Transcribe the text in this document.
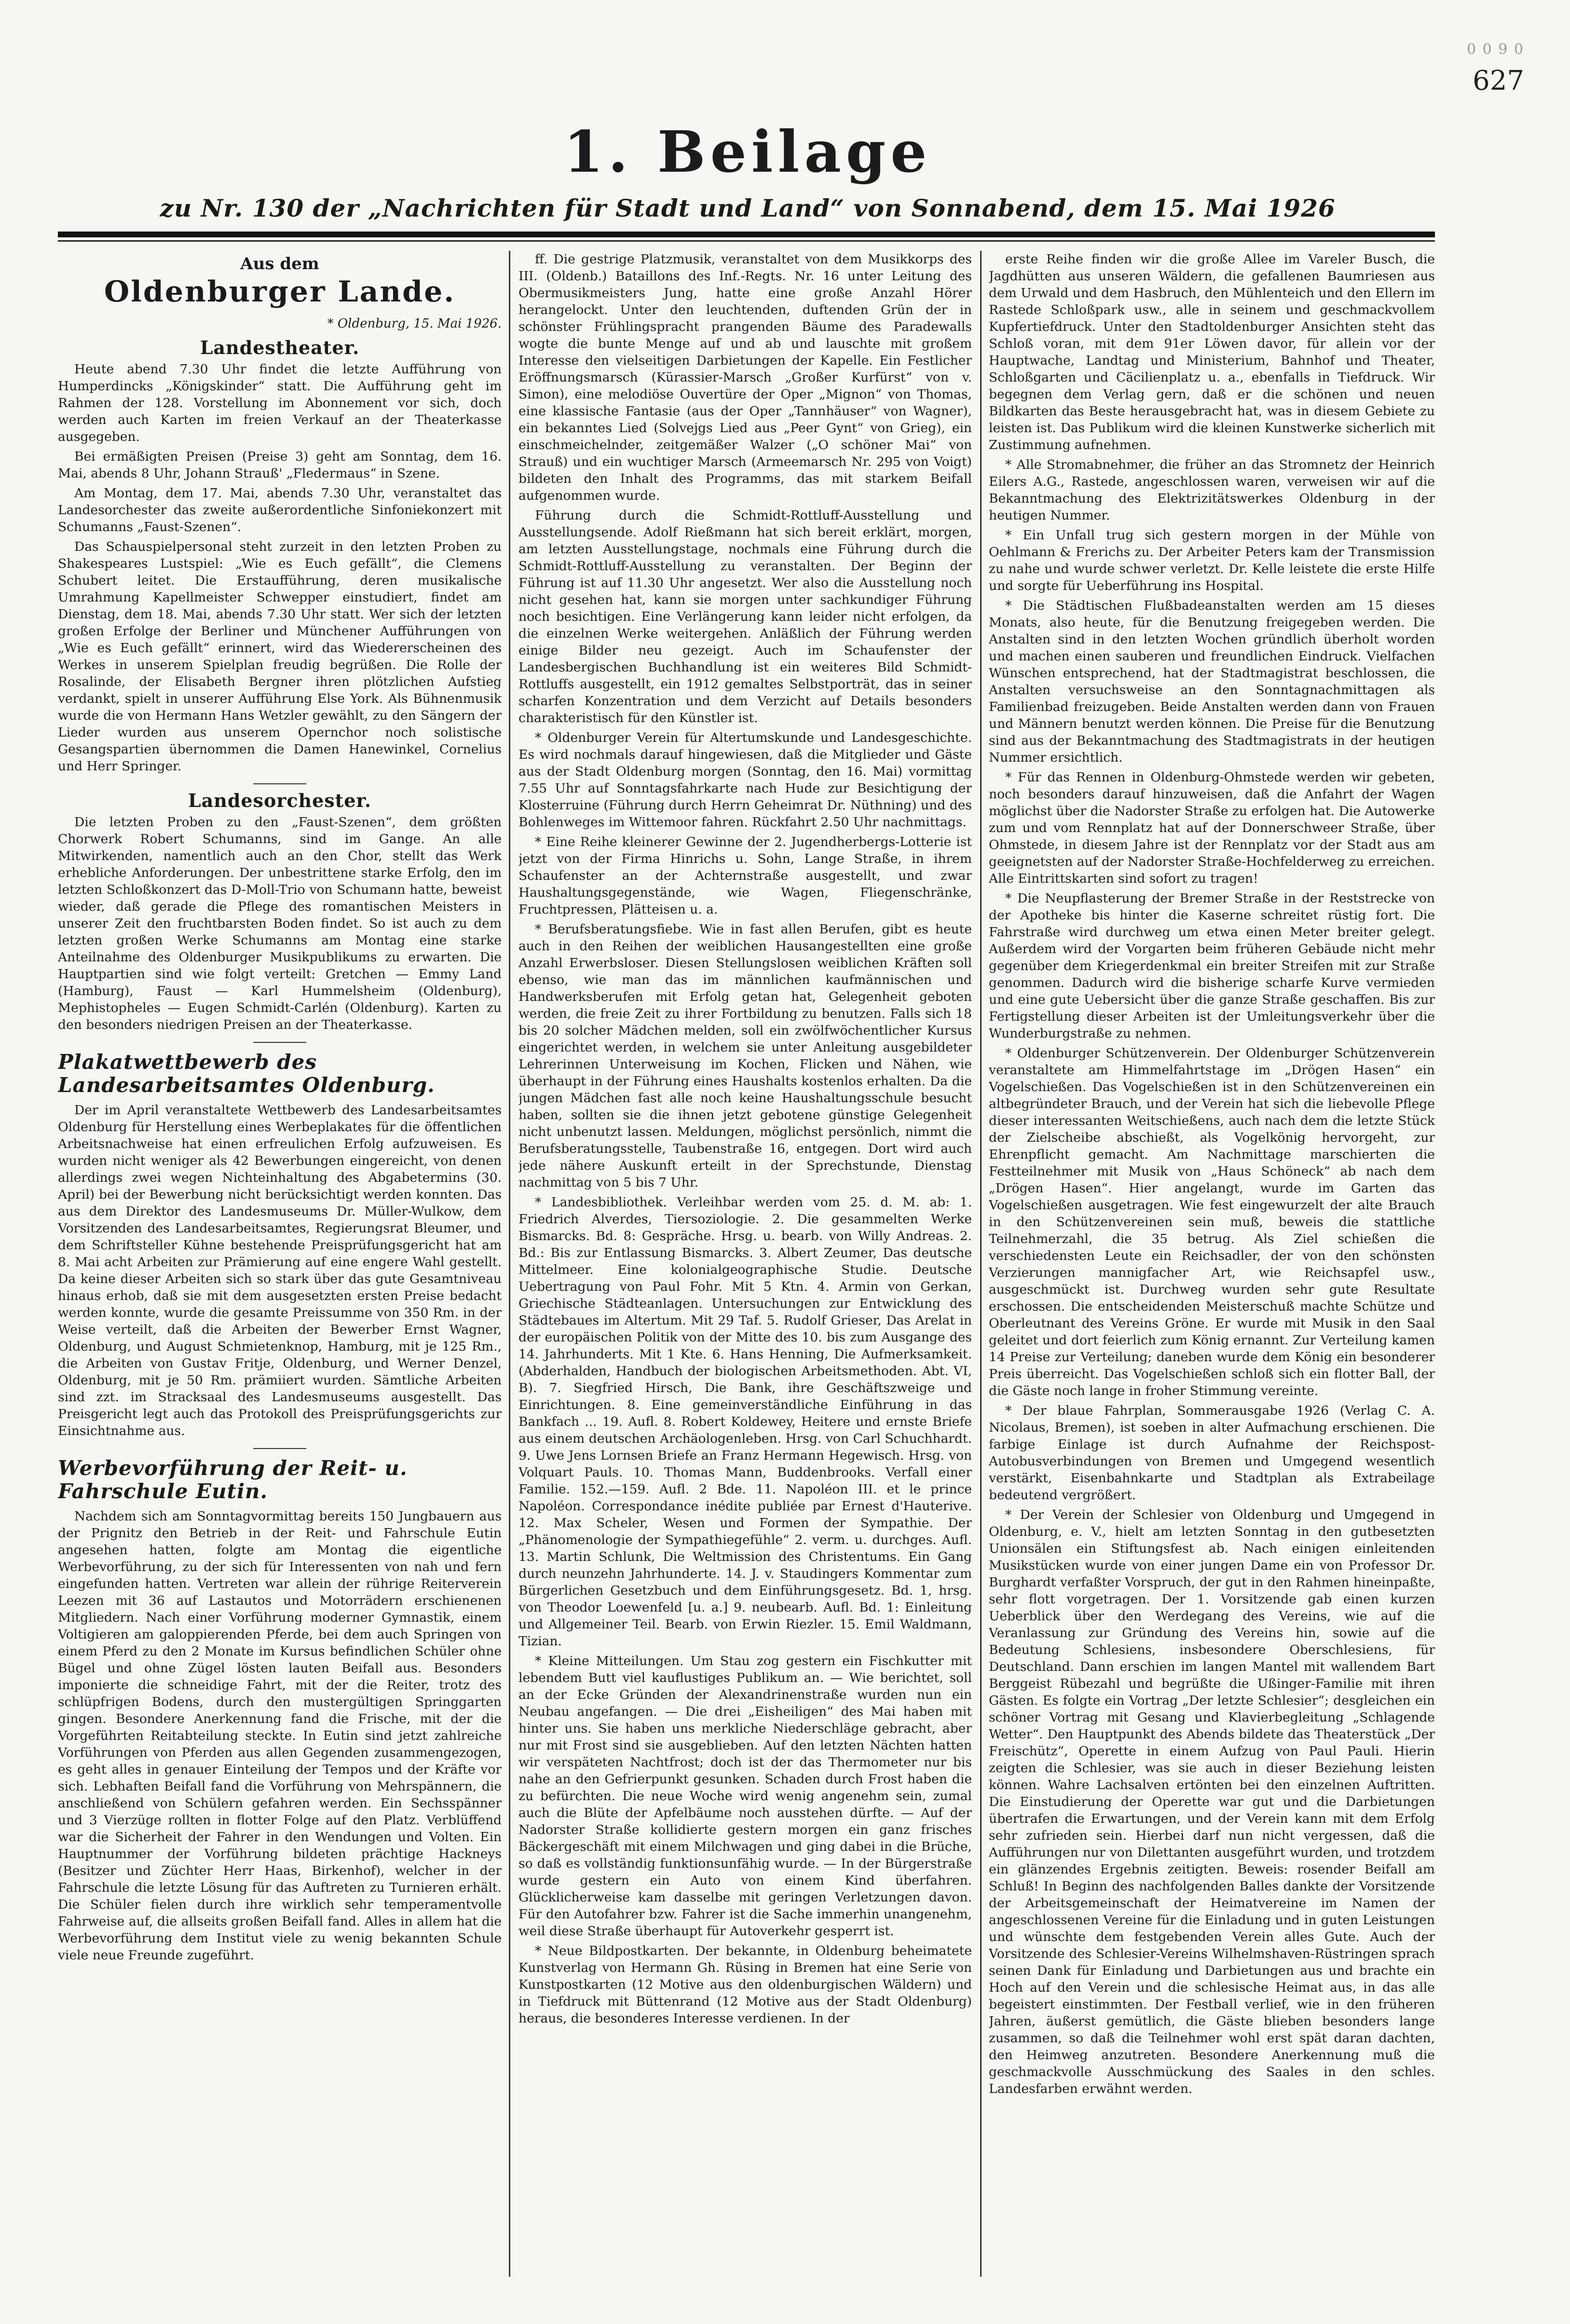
0 0 9 0
627
1. Beilage
zu Nr. 130 der „Nachrichten für Stadt und Land“ von Sonnabend, dem 15. Mai 1926
Aus dem
Oldenburger Lande.
* Oldenburg, 15. Mai 1926.
Landestheater.

Heute abend 7.30 Uhr findet die letzte Aufführung von Humperdincks „Königskinder“ statt. Die Aufführung geht im Rahmen der 128. Vorstellung im Abonnement vor sich, doch werden auch Karten im freien Verkauf an der Theaterkasse ausgegeben.

Bei ermäßigten Preisen (Preise 3) geht am Sonntag, dem 16. Mai, abends 8 Uhr, Johann Strauß' „Fledermaus“ in Szene.

Am Montag, dem 17. Mai, abends 7.30 Uhr, veranstaltet das Landesorchester das zweite außerordentliche Sinfoniekonzert mit Schumanns „Faust-Szenen“.

Das Schauspielpersonal steht zurzeit in den letzten Proben zu Shakespeares Lustspiel: „Wie es Euch gefällt“, die Clemens Schubert leitet. Die Erstaufführung, deren musikalische Umrahmung Kapellmeister Schwepper einstudiert, findet am Dienstag, dem 18. Mai, abends 7.30 Uhr statt. Wer sich der letzten großen Erfolge der Berliner und Münchener Aufführungen von „Wie es Euch gefällt“ erinnert, wird das Wiedererscheinen des Werkes in unserem Spielplan freudig begrüßen. Die Rolle der Rosalinde, der Elisabeth Bergner ihren plötzlichen Aufstieg verdankt, spielt in unserer Aufführung Else York. Als Bühnenmusik wurde die von Hermann Hans Wetzler gewählt, zu den Sängern der Lieder wurden aus unserem Opernchor noch solistische Gesangspartien übernommen die Damen Hanewinkel, Cornelius und Herr Springer.

Landesorchester.

Die letzten Proben zu den „Faust-Szenen“, dem größten Chorwerk Robert Schumanns, sind im Gange. An alle Mitwirkenden, namentlich auch an den Chor, stellt das Werk erhebliche Anforderungen. Der unbestrittene starke Erfolg, den im letzten Schloßkonzert das D-Moll-Trio von Schumann hatte, beweist wieder, daß gerade die Pflege des romantischen Meisters in unserer Zeit den fruchtbarsten Boden findet. So ist auch zu dem letzten großen Werke Schumanns am Montag eine starke Anteilnahme des Oldenburger Musikpublikums zu erwarten. Die Hauptpartien sind wie folgt verteilt: Gretchen — Emmy Land (Hamburg), Faust — Karl Hummelsheim (Oldenburg), Mephistopheles — Eugen Schmidt-Carlén (Oldenburg). Karten zu den besonders niedrigen Preisen an der Theaterkasse.

Plakatwettbewerb des Landesarbeitsamtes Oldenburg.

Der im April veranstaltete Wettbewerb des Landesarbeitsamtes Oldenburg für Herstellung eines Werbeplakates für die öffentlichen Arbeitsnachweise hat einen erfreulichen Erfolg aufzuweisen. Es wurden nicht weniger als 42 Bewerbungen eingereicht, von denen allerdings zwei wegen Nichteinhaltung des Abgabetermins (30. April) bei der Bewerbung nicht berücksichtigt werden konnten. Das aus dem Direktor des Landesmuseums Dr. Müller-Wulkow, dem Vorsitzenden des Landesarbeitsamtes, Regierungsrat Bleumer, und dem Schriftsteller Kühne bestehende Preisprüfungsgericht hat am 8. Mai acht Arbeiten zur Prämierung auf eine engere Wahl gestellt. Da keine dieser Arbeiten sich so stark über das gute Gesamtniveau hinaus erhob, daß sie mit dem ausgesetzten ersten Preise bedacht werden konnte, wurde die gesamte Preissumme von 350 Rm. in der Weise verteilt, daß die Arbeiten der Bewerber Ernst Wagner, Oldenburg, und August Schmietenknop, Hamburg, mit je 125 Rm., die Arbeiten von Gustav Fritje, Oldenburg, und Werner Denzel, Oldenburg, mit je 50 Rm. prämiiert wurden. Sämtliche Arbeiten sind zzt. im Stracksaal des Landesmuseums ausgestellt. Das Preisgericht legt auch das Protokoll des Preisprüfungsgerichts zur Einsichtnahme aus.

Werbevorführung der Reit- u. Fahrschule Eutin.

Nachdem sich am Sonntagvormittag bereits 150 Jungbauern aus der Prignitz den Betrieb in der Reit- und Fahrschule Eutin angesehen hatten, folgte am Montag die eigentliche Werbevorführung, zu der sich für Interessenten von nah und fern eingefunden hatten. Vertreten war allein der rührige Reiterverein Leezen mit 36 auf Lastautos und Motorrädern erschienenen Mitgliedern. Nach einer Vorführung moderner Gymnastik, einem Voltigieren am galoppierenden Pferde, bei dem auch Springen von einem Pferd zu den 2 Monate im Kursus befindlichen Schüler ohne Bügel und ohne Zügel lösten lauten Beifall aus. Besonders imponierte die schneidige Fahrt, mit der die Reiter, trotz des schlüpfrigen Bodens, durch den mustergültigen Springgarten gingen. Besondere Anerkennung fand die Frische, mit der die Vorgeführten Reitabteilung steckte. In Eutin sind jetzt zahlreiche Vorführungen von Pferden aus allen Gegenden zusammengezogen, es geht alles in genauer Einteilung der Tempos und der Kräfte vor sich. Lebhaften Beifall fand die Vorführung von Mehrspännern, die anschließend von Schülern gefahren werden. Ein Sechsspänner und 3 Vierzüge rollten in flotter Folge auf den Platz. Verblüffend war die Sicherheit der Fahrer in den Wendungen und Volten. Ein Hauptnummer der Vorführung bildeten prächtige Hackneys (Besitzer und Züchter Herr Haas, Birkenhof), welcher in der Fahrschule die letzte Lösung für das Auftreten zu Turnieren erhält. Die Schüler fielen durch ihre wirklich sehr temperamentvolle Fahrweise auf, die allseits großen Beifall fand. Alles in allem hat die Werbevorführung dem Institut viele zu wenig bekannten Schule viele neue Freunde zugeführt.

ff. Die gestrige Platzmusik, veranstaltet von dem Musikkorps des III. (Oldenb.) Bataillons des Inf.-Regts. Nr. 16 unter Leitung des Obermusikmeisters Jung, hatte eine große Anzahl Hörer herangelockt. Unter den leuchtenden, duftenden Grün der in schönster Frühlingspracht prangenden Bäume des Paradewalls wogte die bunte Menge auf und ab und lauschte mit großem Interesse den vielseitigen Darbietungen der Kapelle. Ein Festlicher Eröffnungsmarsch (Kürassier-Marsch „Großer Kurfürst“ von v. Simon), eine melodiöse Ouvertüre der Oper „Mignon“ von Thomas, eine klassische Fantasie (aus der Oper „Tannhäuser“ von Wagner), ein bekanntes Lied (Solvejgs Lied aus „Peer Gynt“ von Grieg), ein einschmeichelnder, zeitgemäßer Walzer („O schöner Mai“ von Strauß) und ein wuchtiger Marsch (Armeemarsch Nr. 295 von Voigt) bildeten den Inhalt des Programms, das mit starkem Beifall aufgenommen wurde.

Führung durch die Schmidt-Rottluff-Ausstellung und Ausstellungsende. Adolf Rießmann hat sich bereit erklärt, morgen, am letzten Ausstellungstage, nochmals eine Führung durch die Schmidt-Rottluff-Ausstellung zu veranstalten. Der Beginn der Führung ist auf 11.30 Uhr angesetzt. Wer also die Ausstellung noch nicht gesehen hat, kann sie morgen unter sachkundiger Führung noch besichtigen. Eine Verlängerung kann leider nicht erfolgen, da die einzelnen Werke weitergehen. Anläßlich der Führung werden einige Bilder neu gezeigt. Auch im Schaufenster der Landesbergischen Buchhandlung ist ein weiteres Bild Schmidt-Rottluffs ausgestellt, ein 1912 gemaltes Selbstporträt, das in seiner scharfen Konzentration und dem Verzicht auf Details besonders charakteristisch für den Künstler ist.

* Oldenburger Verein für Altertumskunde und Landesgeschichte. Es wird nochmals darauf hingewiesen, daß die Mitglieder und Gäste aus der Stadt Oldenburg morgen (Sonntag, den 16. Mai) vormittag 7.55 Uhr auf Sonntagsfahrkarte nach Hude zur Besichtigung der Klosterruine (Führung durch Herrn Geheimrat Dr. Nüthning) und des Bohlenweges im Wittemoor fahren. Rückfahrt 2.50 Uhr nachmittags.

* Eine Reihe kleinerer Gewinne der 2. Jugendherbergs-Lotterie ist jetzt von der Firma Hinrichs u. Sohn, Lange Straße, in ihrem Schaufenster an der Achternstraße ausgestellt, und zwar Haushaltungsgegenstände, wie Wagen, Fliegenschränke, Fruchtpressen, Plätteisen u. a.

* Berufsberatungsfiebe. Wie in fast allen Berufen, gibt es heute auch in den Reihen der weiblichen Hausangestellten eine große Anzahl Erwerbsloser. Diesen Stellungslosen weiblichen Kräften soll ebenso, wie man das im männlichen kaufmännischen und Handwerksberufen mit Erfolg getan hat, Gelegenheit geboten werden, die freie Zeit zu ihrer Fortbildung zu benutzen. Falls sich 18 bis 20 solcher Mädchen melden, soll ein zwölfwöchentlicher Kursus eingerichtet werden, in welchem sie unter Anleitung ausgebildeter Lehrerinnen Unterweisung im Kochen, Flicken und Nähen, wie überhaupt in der Führung eines Haushalts kostenlos erhalten. Da die jungen Mädchen fast alle noch keine Haushaltungsschule besucht haben, sollten sie die ihnen jetzt gebotene günstige Gelegenheit nicht unbenutzt lassen. Meldungen, möglichst persönlich, nimmt die Berufsberatungsstelle, Taubenstraße 16, entgegen. Dort wird auch jede nähere Auskunft erteilt in der Sprechstunde, Dienstag nachmittag von 5 bis 7 Uhr.

* Landesbibliothek. Verleihbar werden vom 25. d. M. ab: 1. Friedrich Alverdes, Tiersoziologie. 2. Die gesammelten Werke Bismarcks. Bd. 8: Gespräche. Hrsg. u. bearb. von Willy Andreas. 2. Bd.: Bis zur Entlassung Bismarcks. 3. Albert Zeumer, Das deutsche Mittelmeer. Eine kolonialgeographische Studie. Deutsche Uebertragung von Paul Fohr. Mit 5 Ktn. 4. Armin von Gerkan, Griechische Städteanlagen. Untersuchungen zur Entwicklung des Städtebaues im Altertum. Mit 29 Taf. 5. Rudolf Grieser, Das Arelat in der europäischen Politik von der Mitte des 10. bis zum Ausgange des 14. Jahrhunderts. Mit 1 Kte. 6. Hans Henning, Die Aufmerksamkeit. (Abderhalden, Handbuch der biologischen Arbeitsmethoden. Abt. VI, B). 7. Siegfried Hirsch, Die Bank, ihre Geschäftszweige und Einrichtungen. 8. Eine gemeinverständliche Einführung in das Bankfach ... 19. Aufl. 8. Robert Koldewey, Heitere und ernste Briefe aus einem deutschen Archäologenleben. Hrsg. von Carl Schuchhardt. 9. Uwe Jens Lornsen Briefe an Franz Hermann Hegewisch. Hrsg. von Volquart Pauls. 10. Thomas Mann, Buddenbrooks. Verfall einer Familie. 152.—159. Aufl. 2 Bde. 11. Napoléon III. et le prince Napoléon. Correspondance inédite publiée par Ernest d'Hauterive. 12. Max Scheler, Wesen und Formen der Sympathie. Der „Phänomenologie der Sympathiegefühle“ 2. verm. u. durchges. Aufl. 13. Martin Schlunk, Die Weltmission des Christentums. Ein Gang durch neunzehn Jahrhunderte. 14. J. v. Staudingers Kommentar zum Bürgerlichen Gesetzbuch und dem Einführungsgesetz. Bd. 1, hrsg. von Theodor Loewenfeld [u. a.] 9. neubearb. Aufl. Bd. 1: Einleitung und Allgemeiner Teil. Bearb. von Erwin Riezler. 15. Emil Waldmann, Tizian.

* Kleine Mitteilungen. Um Stau zog gestern ein Fischkutter mit lebendem Butt viel kauflustiges Publikum an. — Wie berichtet, soll an der Ecke Gründen der Alexandrinenstraße wurden nun ein Neubau angefangen. — Die drei „Eisheiligen“ des Mai haben mit hinter uns. Sie haben uns merkliche Niederschläge gebracht, aber nur mit Frost sind sie ausgeblieben. Auf den letzten Nächten hatten wir verspäteten Nachtfrost; doch ist der das Thermometer nur bis nahe an den Gefrierpunkt gesunken. Schaden durch Frost haben die zu befürchten. Die neue Woche wird wenig angenehm sein, zumal auch die Blüte der Apfelbäume noch ausstehen dürfte. — Auf der Nadorster Straße kollidierte gestern morgen ein ganz frisches Bäckergeschäft mit einem Milchwagen und ging dabei in die Brüche, so daß es vollständig funktionsunfähig wurde. — In der Bürgerstraße wurde gestern ein Auto von einem Kind überfahren. Glücklicherweise kam dasselbe mit geringen Verletzungen davon. Für den Autofahrer bzw. Fahrer ist die Sache immerhin unangenehm, weil diese Straße überhaupt für Autoverkehr gesperrt ist.

* Neue Bildpostkarten. Der bekannte, in Oldenburg beheimatete Kunstverlag von Hermann Gh. Rüsing in Bremen hat eine Serie von Kunstpostkarten (12 Motive aus den oldenburgischen Wäldern) und in Tiefdruck mit Büttenrand (12 Motive aus der Stadt Oldenburg) heraus, die besonderes Interesse verdienen. In der

erste Reihe finden wir die große Allee im Vareler Busch, die Jagdhütten aus unseren Wäldern, die gefallenen Baumriesen aus dem Urwald und dem Hasbruch, den Mühlenteich und den Ellern im Rastede Schloßpark usw., alle in seinem und geschmackvollem Kupfertiefdruck. Unter den Stadtoldenburger Ansichten steht das Schloß voran, mit dem 91er Löwen davor, für allein vor der Hauptwache, Landtag und Ministerium, Bahnhof und Theater, Schloßgarten und Cäcilienplatz u. a., ebenfalls in Tiefdruck. Wir begegnen dem Verlag gern, daß er die schönen und neuen Bildkarten das Beste herausgebracht hat, was in diesem Gebiete zu leisten ist. Das Publikum wird die kleinen Kunstwerke sicherlich mit Zustimmung aufnehmen.

* Alle Stromabnehmer, die früher an das Stromnetz der Heinrich Eilers A.G., Rastede, angeschlossen waren, verweisen wir auf die Bekanntmachung des Elektrizitätswerkes Oldenburg in der heutigen Nummer.

* Ein Unfall trug sich gestern morgen in der Mühle von Oehlmann & Frerichs zu. Der Arbeiter Peters kam der Transmission zu nahe und wurde schwer verletzt. Dr. Kelle leistete die erste Hilfe und sorgte für Ueberführung ins Hospital.

* Die Städtischen Flußbadeanstalten werden am 15 dieses Monats, also heute, für die Benutzung freigegeben werden. Die Anstalten sind in den letzten Wochen gründlich überholt worden und machen einen sauberen und freundlichen Eindruck. Vielfachen Wünschen entsprechend, hat der Stadtmagistrat beschlossen, die Anstalten versuchsweise an den Sonntagnachmittagen als Familienbad freizugeben. Beide Anstalten werden dann von Frauen und Männern benutzt werden können. Die Preise für die Benutzung sind aus der Bekanntmachung des Stadtmagistrats in der heutigen Nummer ersichtlich.

* Für das Rennen in Oldenburg-Ohmstede werden wir gebeten, noch besonders darauf hinzuweisen, daß die Anfahrt der Wagen möglichst über die Nadorster Straße zu erfolgen hat. Die Autowerke zum und vom Rennplatz hat auf der Donnerschweer Straße, über Ohmstede, in diesem Jahre ist der Rennplatz vor der Stadt aus am geeignetsten auf der Nadorster Straße-Hochfelderweg zu erreichen. Alle Eintrittskarten sind sofort zu tragen!

* Die Neupflasterung der Bremer Straße in der Reststrecke von der Apotheke bis hinter die Kaserne schreitet rüstig fort. Die Fahrstraße wird durchweg um etwa einen Meter breiter gelegt. Außerdem wird der Vorgarten beim früheren Gebäude nicht mehr gegenüber dem Kriegerdenkmal ein breiter Streifen mit zur Straße genommen. Dadurch wird die bisherige scharfe Kurve vermieden und eine gute Uebersicht über die ganze Straße geschaffen. Bis zur Fertigstellung dieser Arbeiten ist der Umleitungsverkehr über die Wunderburgstraße zu nehmen.

* Oldenburger Schützenverein. Der Oldenburger Schützenverein veranstaltete am Himmelfahrtstage im „Drögen Hasen“ ein Vogelschießen. Das Vogelschießen ist in den Schützenvereinen ein altbegründeter Brauch, und der Verein hat sich die liebevolle Pflege dieser interessanten Weitschießens, auch nach dem die letzte Stück der Zielscheibe abschießt, als Vogelkönig hervorgeht, zur Ehrenpflicht gemacht. Am Nachmittage marschierten die Festteilnehmer mit Musik von „Haus Schöneck“ ab nach dem „Drögen Hasen“. Hier angelangt, wurde im Garten das Vogelschießen ausgetragen. Wie fest eingewurzelt der alte Brauch in den Schützenvereinen sein muß, beweis die stattliche Teilnehmerzahl, die 35 betrug. Als Ziel schießen die verschiedensten Leute ein Reichsadler, der von den schönsten Verzierungen mannigfacher Art, wie Reichsapfel usw., ausgeschmückt ist. Durchweg wurden sehr gute Resultate erschossen. Die entscheidenden Meisterschuß machte Schütze und Oberleutnant des Vereins Gröne. Er wurde mit Musik in den Saal geleitet und dort feierlich zum König ernannt. Zur Verteilung kamen 14 Preise zur Verteilung; daneben wurde dem König ein besonderer Preis überreicht. Das Vogelschießen schloß sich ein flotter Ball, der die Gäste noch lange in froher Stimmung vereinte.

* Der blaue Fahrplan, Sommerausgabe 1926 (Verlag C. A. Nicolaus, Bremen), ist soeben in alter Aufmachung erschienen. Die farbige Einlage ist durch Aufnahme der Reichspost-Autobusverbindungen von Bremen und Umgegend wesentlich verstärkt, Eisenbahnkarte und Stadtplan als Extrabeilage bedeutend vergrößert.

* Der Verein der Schlesier von Oldenburg und Umgegend in Oldenburg, e. V., hielt am letzten Sonntag in den gutbesetzten Unionsälen ein Stiftungsfest ab. Nach einigen einleitenden Musikstücken wurde von einer jungen Dame ein von Professor Dr. Burghardt verfaßter Vorspruch, der gut in den Rahmen hineinpaßte, sehr flott vorgetragen. Der 1. Vorsitzende gab einen kurzen Ueberblick über den Werdegang des Vereins, wie auf die Veranlassung zur Gründung des Vereins hin, sowie auf die Bedeutung Schlesiens, insbesondere Oberschlesiens, für Deutschland. Dann erschien im langen Mantel mit wallendem Bart Berggeist Rübezahl und begrüßte die Ußinger-Familie mit ihren Gästen. Es folgte ein Vortrag „Der letzte Schlesier“; desgleichen ein schöner Vortrag mit Gesang und Klavierbegleitung „Schlagende Wetter“. Den Hauptpunkt des Abends bildete das Theaterstück „Der Freischütz“, Operette in einem Aufzug von Paul Pauli. Hierin zeigten die Schlesier, was sie auch in dieser Beziehung leisten können. Wahre Lachsalven ertönten bei den einzelnen Auftritten. Die Einstudierung der Operette war gut und die Darbietungen übertrafen die Erwartungen, und der Verein kann mit dem Erfolg sehr zufrieden sein. Hierbei darf nun nicht vergessen, daß die Aufführungen nur von Dilettanten ausgeführt wurden, und trotzdem ein glänzendes Ergebnis zeitigten. Beweis: rosender Beifall am Schluß! In Beginn des nachfolgenden Balles dankte der Vorsitzende der Arbeitsgemeinschaft der Heimatvereine im Namen der angeschlossenen Vereine für die Einladung und in guten Leistungen und wünschte dem festgebenden Verein alles Gute. Auch der Vorsitzende des Schlesier-Vereins Wilhelmshaven-Rüstringen sprach seinen Dank für Einladung und Darbietungen aus und brachte ein Hoch auf den Verein und die schlesische Heimat aus, in das alle begeistert einstimmten. Der Festball verlief, wie in den früheren Jahren, äußerst gemütlich, die Gäste blieben besonders lange zusammen, so daß die Teilnehmer wohl erst spät daran dachten, den Heimweg anzutreten. Besondere Anerkennung muß die geschmackvolle Ausschmückung des Saales in den schles. Landesfarben erwähnt werden.
